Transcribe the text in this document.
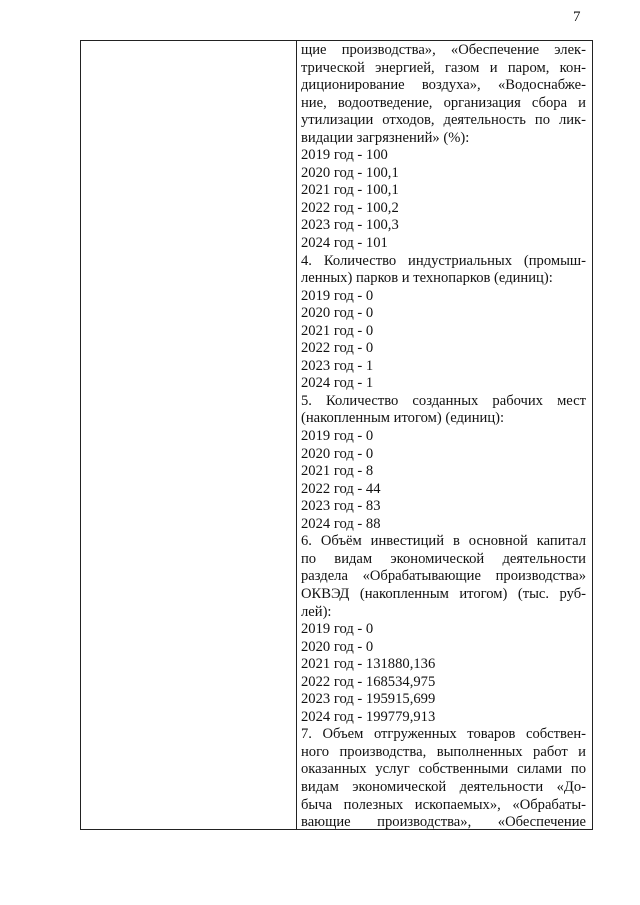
7
щие производства», «Обеспечение элек-
трической энергией, газом и паром, кон-
диционирование воздуха», «Водоснабже-
ние, водоотведение, организация сбора и
утилизации отходов, деятельность по лик-
видации загрязнений» (%):
2019 год - 100
2020 год - 100,1
2021 год - 100,1
2022 год - 100,2
2023 год - 100,3
2024 год - 101
4. Количество индустриальных (промыш-
ленных) парков и технопарков (единиц):
2019 год - 0
2020 год - 0
2021 год - 0
2022 год - 0
2023 год - 1
2024 год - 1
5. Количество созданных рабочих мест
(накопленным итогом) (единиц):
2019 год - 0
2020 год - 0
2021 год - 8
2022 год - 44
2023 год - 83
2024 год - 88
6. Объём инвестиций в основной капитал
по видам экономической деятельности
раздела «Обрабатывающие производства»
ОКВЭД (накопленным итогом) (тыс. руб-
лей):
2019 год - 0
2020 год - 0
2021 год - 131880,136
2022 год - 168534,975
2023 год - 195915,699
2024 год - 199779,913
7. Объем отгруженных товаров собствен-
ного производства, выполненных работ и
оказанных услуг собственными силами по
видам экономической деятельности «До-
быча полезных ископаемых», «Обрабаты-
вающие производства», «Обеспечение
